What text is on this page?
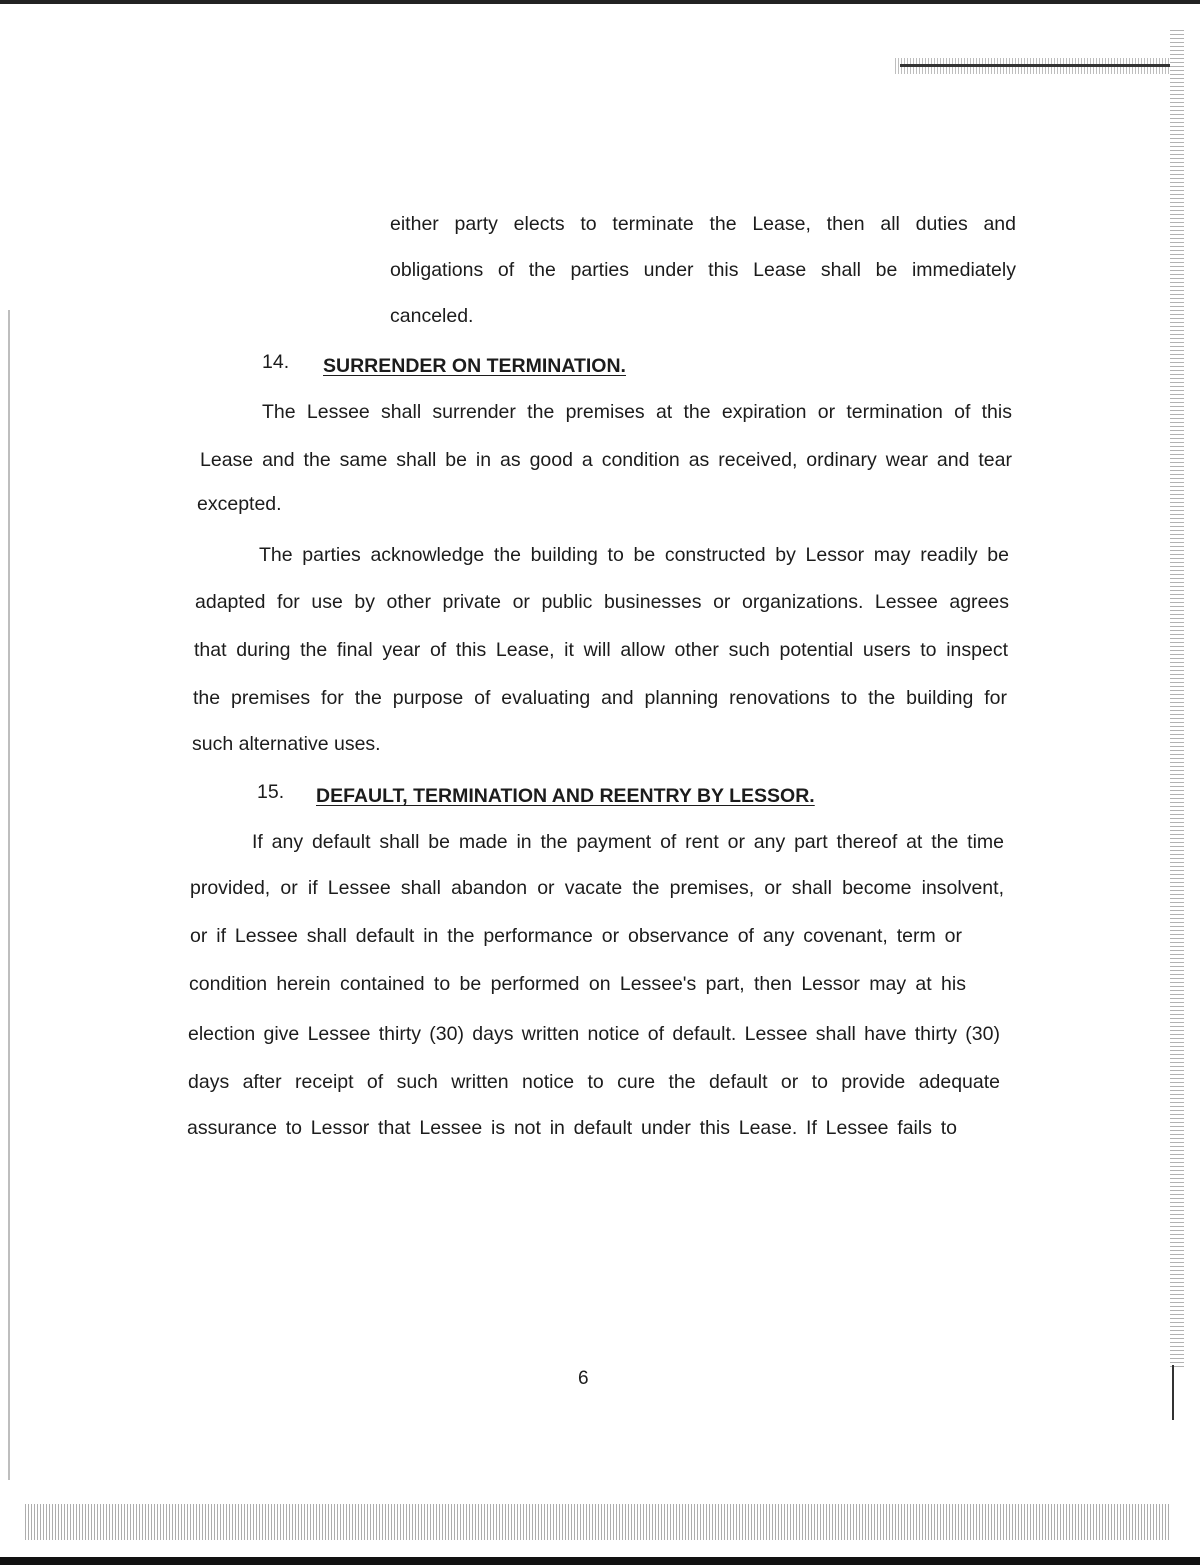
either party elects to terminate the Lease, then all duties and
obligations of the parties under this Lease shall be immediately
canceled.
14. SURRENDER ON TERMINATION.
The Lessee shall surrender the premises at the expiration or termination of this
Lease and the same shall be in as good a condition as received, ordinary wear and tear
excepted.
The parties acknowledge the building to be constructed by Lessor may readily be
adapted for use by other private or public businesses or organizations. Lessee agrees
that during the final year of this Lease, it will allow other such potential users to inspect
the premises for the purpose of evaluating and planning renovations to the building for
such alternative uses.
15. DEFAULT, TERMINATION AND REENTRY BY LESSOR.
If any default shall be made in the payment of rent or any part thereof at the time
provided, or if Lessee shall abandon or vacate the premises, or shall become insolvent,
or if Lessee shall default in the performance or observance of any covenant, term or
condition herein contained to be performed on Lessee's part, then Lessor may at his
election give Lessee thirty (30) days written notice of default. Lessee shall have thirty (30)
days after receipt of such written notice to cure the default or to provide adequate
assurance to Lessor that Lessee is not in default under this Lease. If Lessee fails to
6
